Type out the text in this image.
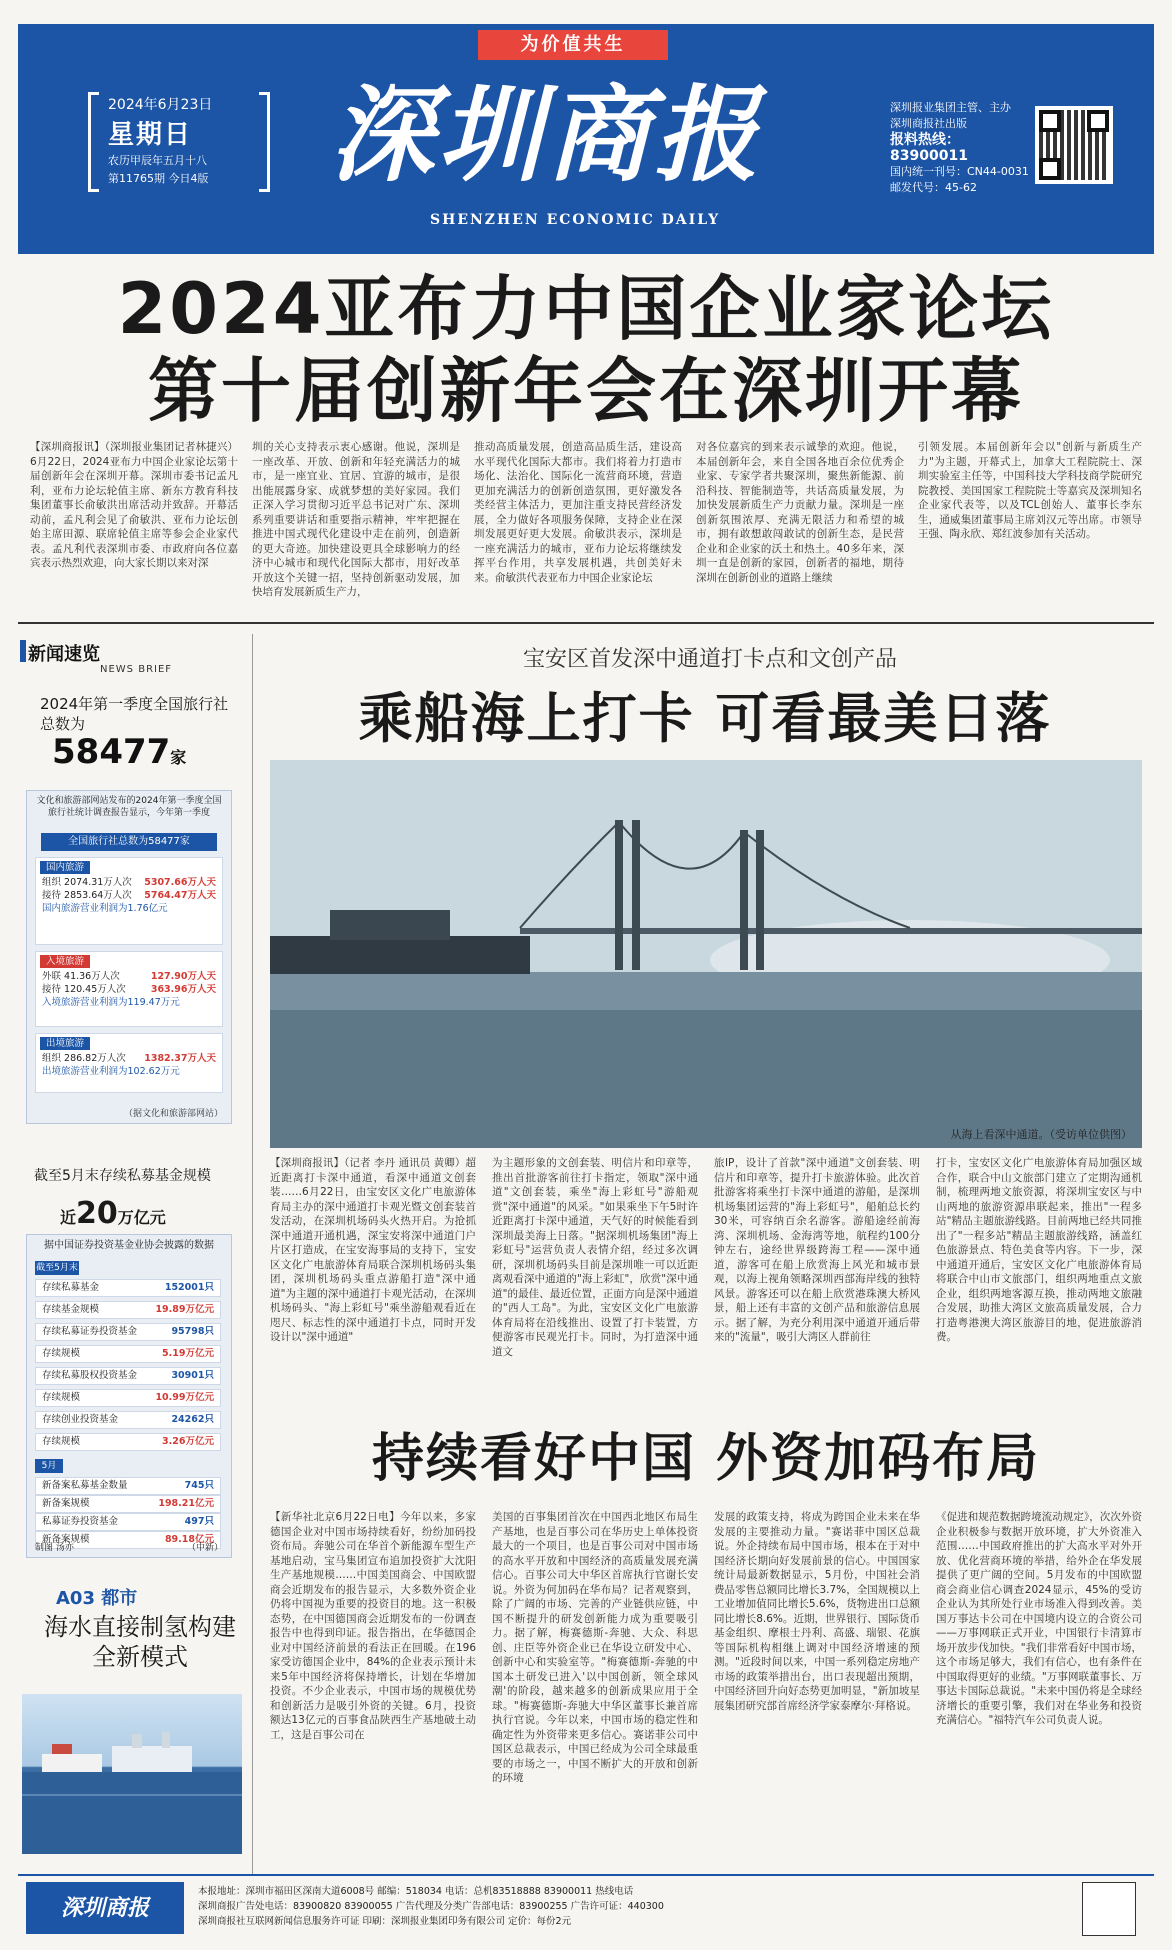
为价值共生
2024年6月23日
星期日
农历甲辰年五月十八
第11765期 今日4版 深圳商报
SHENZHEN ECONOMIC DAILY
深圳报业集团主管、主办
深圳商报社出版
报料热线：83900011
国内统一刊号：CN44-0031
邮发代号：45-62
2024亚布力中国企业家论坛
第十届创新年会在深圳开幕
【深圳商报讯】（深圳报业集团记者林捷兴）6月22日，2024亚布力中国企业家论坛第十届创新年会在深圳开幕。深圳市委书记孟凡利，亚布力论坛轮值主席、新东方教育科技集团董事长俞敏洪出席活动并致辞。开幕活动前，孟凡利会见了俞敏洪、亚布力论坛创始主席田源、联席轮值主席等参会企业家代表。孟凡利代表深圳市委、市政府向各位嘉宾表示热烈欢迎，向大家长期以来对深
圳的关心支持表示衷心感谢。他说，深圳是一座改革、开放、创新和年轻充满活力的城市，是一座宜业、宜居、宜游的城市，是很出能展露身家、成就梦想的美好家园。我们正深入学习贯彻习近平总书记对广东、深圳系列重要讲话和重要指示精神，牢牢把握在推进中国式现代化建设中走在前列，创造新的更大奇迹。加快建设更具全球影响力的经济中心城市和现代化国际大都市，用好改革开放这个关键一招，坚持创新驱动发展，加快培育发展新质生产力，
推动高质量发展，创造高品质生活，建设高水平现代化国际大都市。我们将着力打造市场化、法治化、国际化一流营商环境，营造更加充满活力的创新创造氛围，更好激发各类经营主体活力，更加注重支持民营经济发展，全力做好各项服务保障，支持企业在深圳发展更好更大发展。俞敏洪表示，深圳是一座充满活力的城市，亚布力论坛将继续发挥平台作用，共享发展机遇，共创美好未来。俞敏洪代表亚布力中国企业家论坛
对各位嘉宾的到来表示诚挚的欢迎。他说，本届创新年会，来自全国各地百余位优秀企业家、专家学者共聚深圳，聚焦新能源、前沿科技、智能制造等，共话高质量发展，为加快发展新质生产力贡献力量。深圳是一座创新氛围浓厚、充满无限活力和希望的城市，拥有敢想敢闯敢试的创新生态，是民营企业和企业家的沃土和热土。40多年来，深圳一直是创新的家园，创新者的福地，期待深圳在创新创业的道路上继续
引领发展。本届创新年会以"创新与新质生产力"为主题，开幕式上，加拿大工程院院士、深圳实验室主任等，中国科技大学科技商学院研究院教授、美国国家工程院院士等嘉宾及深圳知名企业家代表等，以及TCL创始人、董事长李东生，通威集团董事局主席刘汉元等出席。市领导王强、陶永欣、郑红波参加有关活动。
新闻速览
NEWS BRIEF
2024年第一季度全国旅行社总数为
58477家
文化和旅游部网站发布的2024年第一季度全国旅行社统计调查报告显示，今年第一季度
全国旅行社总数为58477家
国内旅游
组织 2074.31万人次 5307.66万人天
接待 2853.64万人次 5764.47万人天
国内旅游营业利润为1.76亿元
入境旅游
外联 41.36万人次	127.90万人天
接待 120.45万人次	363.96万人天
入境旅游营业利润为119.47万元
出境旅游
组织 286.82万人次 1382.37万人天
出境旅游营业利润为102.62万元
（据文化和旅游部网站）
截至5月末存续私募基金规模
近20万亿元
据中国证券投资基金业协会披露的数据
截至5月末
存续私募基金	152001只
存续基金规模	19.89万亿元
存续私募证券投资基金	95798只
存续规模	5.19万亿元
存续私募股权投资基金	30901只
存续规模	10.99万亿元
存续创业投资基金	24262只
存续规模	3.26万亿元
5月
新备案私募基金数量	745只
新备案规模	198.21亿元
私募证券投资基金	497只
新备案规模	89.18亿元
制图 汤亦	（中新）
A03 都市
海水直接制氢构建全新模式
宝安区首发深中通道打卡点和文创产品
乘船海上打卡 可看最美日落
从海上看深中通道。（受访单位供图）
【深圳商报讯】（记者 李丹 通讯员 黄卿）超近距离打卡深中通道，看深中通道文创套装……6月22日，由宝安区文化广电旅游体育局主办的深中通道打卡观光暨文创套装首发活动，在深圳机场码头火热开启。为抢抓深中通道开通机遇，深宝安将深中通道门户片区打造成，在宝安海事局的支持下，宝安区文化广电旅游体育局联合深圳机场码头集团，深圳机场码头重点游船打造"深中通道"为主题的深中通道打卡观光活动，在深圳机场码头、"海上彩虹号"乘坐游船观看近在咫尺、标志性的深中通道打卡点，同时开发设计以"深中通道"
为主题形象的文创套装、明信片和印章等，推出首批游客前往打卡指定，领取"深中通道"文创套装，乘坐"海上彩虹号"游船观赏"深中通道"的风采。"如果乘坐下午5时许近距离打卡深中通道，天气好的时候能看到深圳最美海上日落。"据深圳机场集团"海上彩虹号"运营负责人表情介绍，经过多次调研，深圳机场码头目前是深圳唯一可以近距离观看深中通道的"海上彩虹"，欣赏"深中通道"的最佳、最近位置，正面方向是深中通道的"西人工岛"。为此，宝安区文化广电旅游体育局将在沿线推出、设置了打卡装置，方便游客市民观光打卡。同时，为打造深中通道文
旅IP，设计了首款"深中通道"文创套装、明信片和印章等，提升打卡旅游体验。此次首批游客将乘坐打卡深中通道的游船，是深圳机场集团运营的"海上彩虹号"，船舶总长约30米，可容纳百余名游客。游船途经前海湾、深圳机场、金海湾等地，航程约100分钟左右，途经世界级跨海工程——深中通道，游客可在船上欣赏海上风光和城市景观，以海上视角领略深圳西部海岸线的独特风景。游客还可以在船上欣赏港珠澳大桥风景，船上还有丰富的文创产品和旅游信息展示。据了解，为充分利用深中通道开通后带来的"流量"，吸引大湾区人群前往
打卡，宝安区文化广电旅游体育局加强区域合作，联合中山文旅部门建立了定期沟通机制，梳理两地文旅资源，将深圳宝安区与中山两地的旅游资源串联起来，推出"一程多站"精品主题旅游线路。目前两地已经共同推出了"一程多站"精品主题旅游线路，涵盖红色旅游景点、特色美食等内容。下一步，深中通道开通后，宝安区文化广电旅游体育局将联合中山市文旅部门，组织两地重点文旅企业，组织两地客源互换，推动两地文旅融合发展，助推大湾区文旅高质量发展，合力打造粤港澳大湾区旅游目的地，促进旅游消费。
持续看好中国 外资加码布局
【新华社北京6月22日电】今年以来，多家德国企业对中国市场持续看好，纷纷加码投资布局。奔驰公司在华首个新能源车型生产基地启动，宝马集团宣布追加投资扩大沈阳生产基地规模……中国美国商会、中国欧盟商会近期发布的报告显示，大多数外资企业仍将中国视为重要的投资目的地。这一积极态势，在中国德国商会近期发布的一份调查报告中也得到印证。报告指出，在华德国企业对中国经济前景的看法正在回暖。在196家受访德国企业中，84%的企业表示预计未来5年中国经济将保持增长，计划在华增加投资。不少企业表示，中国市场的规模优势和创新活力是吸引外资的关键。6月，投资额达13亿元的百事食品陕西生产基地破土动工，这是百事公司在
美国的百事集团首次在中国西北地区布局生产基地，也是百事公司在华历史上单体投资最大的一个项目，也是百事公司对中国市场的高水平开放和中国经济的高质量发展充满信心。百事公司大中华区首席执行官谢长安说。外资为何加码在华布局？记者观察到，除了广阔的市场、完善的产业链供应链，中国不断提升的研发创新能力成为重要吸引力。据了解，梅赛德斯-奔驰、大众、科思创、庄臣等外资企业已在华设立研发中心、创新中心和实验室等。"梅赛德斯-奔驰的中国本土研发已进入'以中国创新，领全球风潮'的阶段，越来越多的创新成果应用于全球。"梅赛德斯-奔驰大中华区董事长兼首席执行官说。今年以来，中国市场的稳定性和确定性为外资带来更多信心。赛诺菲公司中国区总裁表示，中国已经成为公司全球最重要的市场之一，中国不断扩大的开放和创新的环境
发展的政策支持，将成为跨国企业未来在华发展的主要推动力量。"赛诺菲中国区总裁说。外企持续布局中国市场，根本在于对中国经济长期向好发展前景的信心。中国国家统计局最新数据显示，5月份，中国社会消费品零售总额同比增长3.7%，全国规模以上工业增加值同比增长5.6%，货物进出口总额同比增长8.6%。近期，世界银行、国际货币基金组织、摩根士丹利、高盛、瑞银、花旗等国际机构相继上调对中国经济增速的预测。"近段时间以来，中国一系列稳定房地产市场的政策举措出台，出口表现超出预期，中国经济回升向好态势更加明显，"新加坡星展集团研究部首席经济学家泰摩尔·拜格说。
《促进和规范数据跨境流动规定》，次次外资企业积极参与数据开放环境，扩大外资准入范围……中国政府推出的扩大高水平对外开放、优化营商环境的举措，给外企在华发展提供了更广阔的空间。5月发布的中国欧盟商会商业信心调查2024显示，45%的受访企业认为其所处行业市场准入得到改善。美国万事达卡公司在中国境内设立的合资公司——万事网联正式开业，中国银行卡清算市场开放步伐加快。"我们非常看好中国市场，这个市场足够大，我们有信心，也有条件在中国取得更好的业绩。"万事网联董事长、万事达卡国际总裁说。"未来中国仍将是全球经济增长的重要引擎，我们对在华业务和投资充满信心。"福特汽车公司负责人说。
深圳商报
本报地址：深圳市福田区深南大道6008号 邮编：518034 电话：总机83518888 83900011 热线电话
深圳商报广告处电话：83900820 83900055 广告代理及分类广告部电话：83900255 广告许可证：440300
深圳商报社互联网新闻信息服务许可证 印刷：深圳报业集团印务有限公司 定价：每份2元
